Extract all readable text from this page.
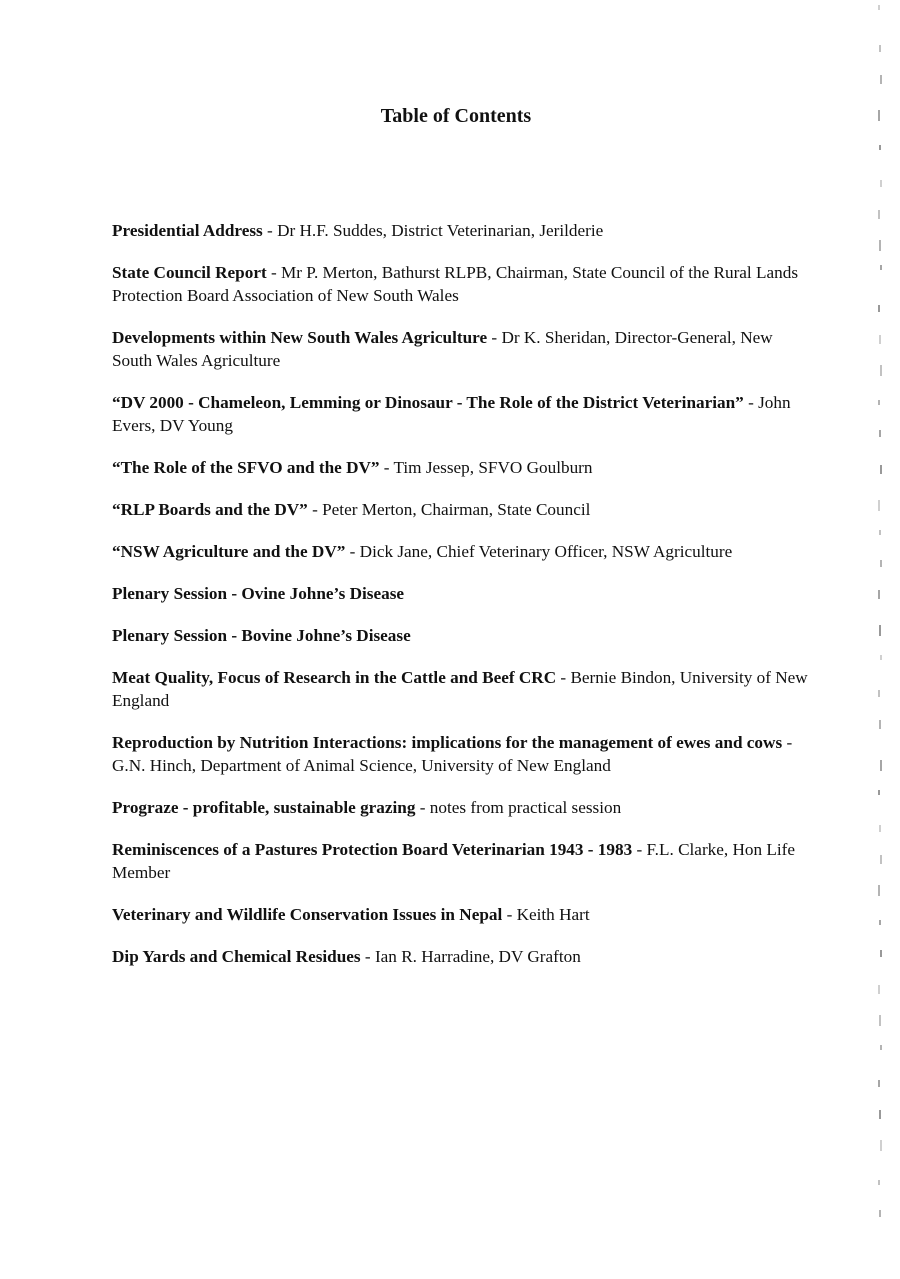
Table of Contents
Presidential Address - Dr H.F. Suddes, District Veterinarian, Jerilderie
State Council Report - Mr P. Merton, Bathurst RLPB, Chairman, State Council of the Rural Lands Protection Board Association of New South Wales
Developments within New South Wales Agriculture - Dr K. Sheridan, Director-General, New South Wales Agriculture
“DV 2000 - Chameleon, Lemming or Dinosaur - The Role of the District Veterinarian” - John Evers, DV Young
“The Role of the SFVO and the DV” - Tim Jessep, SFVO Goulburn
“RLP Boards and the DV” - Peter Merton, Chairman, State Council
“NSW Agriculture and the DV” - Dick Jane, Chief Veterinary Officer, NSW Agriculture
Plenary Session - Ovine Johne’s Disease
Plenary Session - Bovine Johne’s Disease
Meat Quality, Focus of Research in the Cattle and Beef CRC - Bernie Bindon, University of New England
Reproduction by Nutrition Interactions: implications for the management of ewes and cows - G.N. Hinch, Department of Animal Science, University of New England
Prograze - profitable, sustainable grazing - notes from practical session
Reminiscences of a Pastures Protection Board Veterinarian 1943 - 1983 - F.L. Clarke, Hon Life Member
Veterinary and Wildlife Conservation Issues in Nepal - Keith Hart
Dip Yards and Chemical Residues - Ian R. Harradine, DV Grafton
